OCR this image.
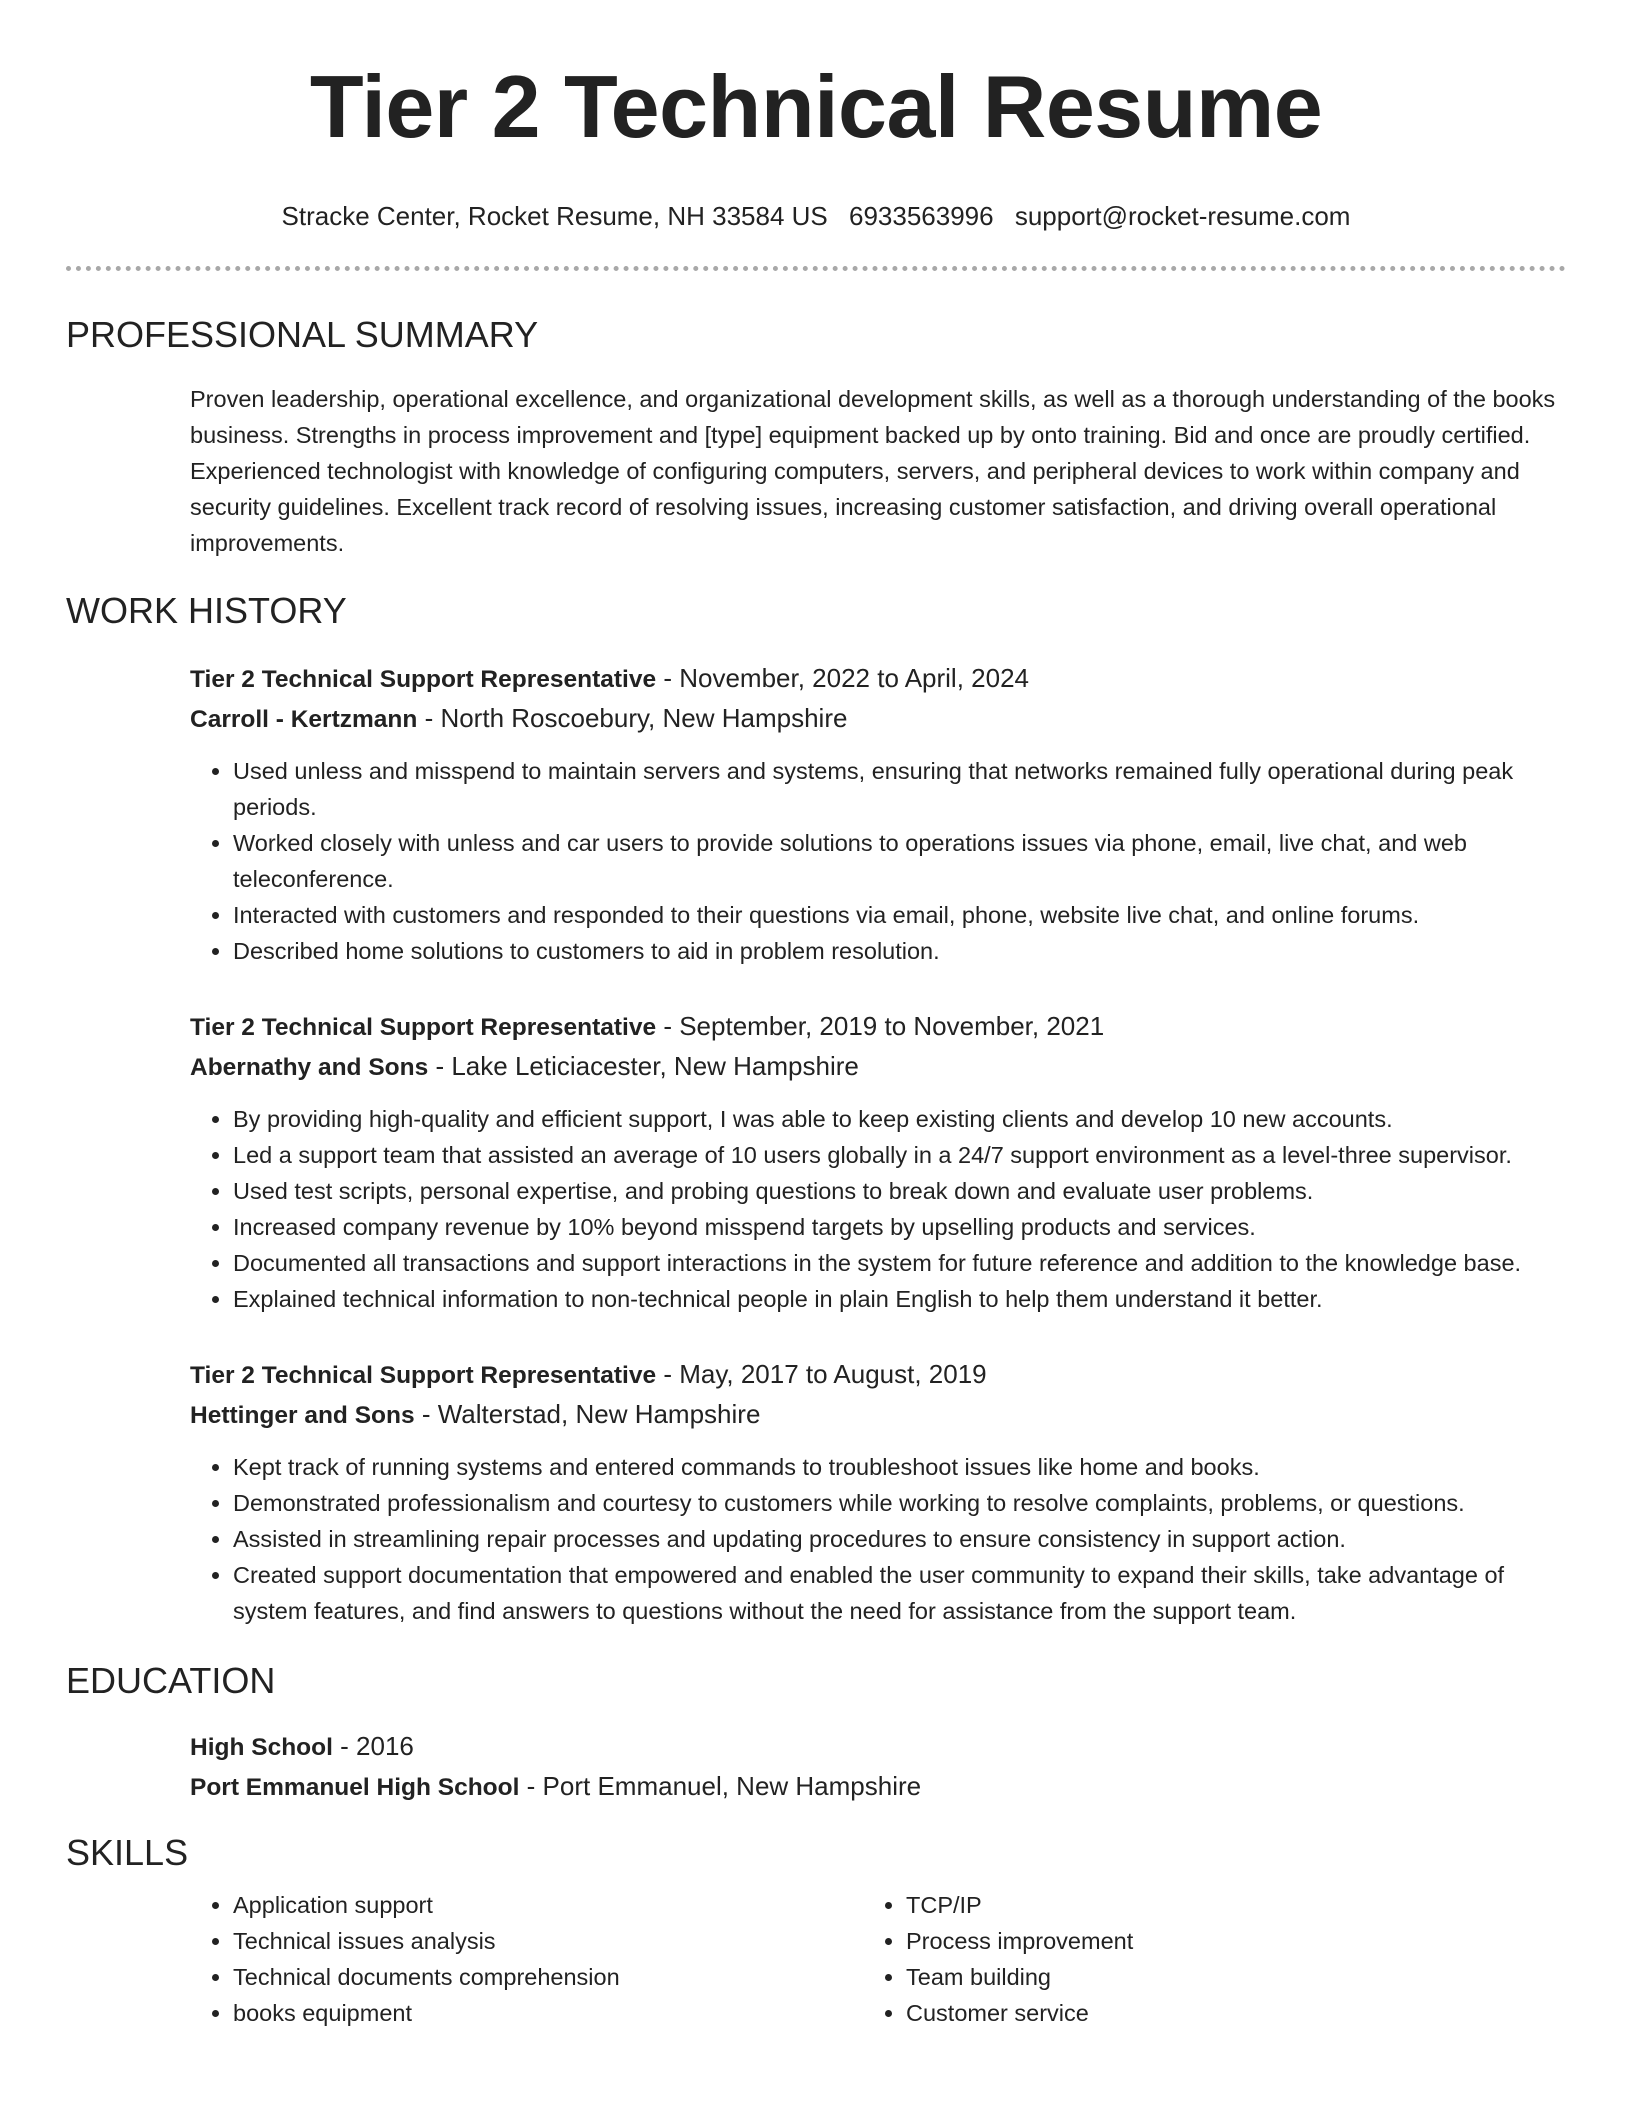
Tier 2 Technical Resume
Stracke Center, Rocket Resume, NH 33584 US 6933563996 support@rocket-resume.com
PROFESSIONAL SUMMARY

Proven leadership, operational excellence, and organizational development skills, as well as a thorough understanding of the books business. Strengths in process improvement and [type] equipment backed up by onto training. Bid and once are proudly certified. Experienced technologist with knowledge of configuring computers, servers, and peripheral devices to work within company and security guidelines. Excellent track record of resolving issues, increasing customer satisfaction, and driving overall operational improvements.

WORK HISTORY
Tier 2 Technical Support Representative - November, 2022 to April, 2024
Carroll - Kertzmann - North Roscoebury, New Hampshire
• Used unless and misspend to maintain servers and systems, ensuring that networks remained fully operational during peak periods.
• Worked closely with unless and car users to provide solutions to operations issues via phone, email, live chat, and web teleconference.
• Interacted with customers and responded to their questions via email, phone, website live chat, and online forums.
• Described home solutions to customers to aid in problem resolution.
Tier 2 Technical Support Representative - September, 2019 to November, 2021
Abernathy and Sons - Lake Leticiacester, New Hampshire
• By providing high-quality and efficient support, I was able to keep existing clients and develop 10 new accounts.
• Led a support team that assisted an average of 10 users globally in a 24/7 support environment as a level-three supervisor.
• Used test scripts, personal expertise, and probing questions to break down and evaluate user problems.
• Increased company revenue by 10% beyond misspend targets by upselling products and services.
• Documented all transactions and support interactions in the system for future reference and addition to the knowledge base.
• Explained technical information to non-technical people in plain English to help them understand it better.
Tier 2 Technical Support Representative - May, 2017 to August, 2019
Hettinger and Sons - Walterstad, New Hampshire
• Kept track of running systems and entered commands to troubleshoot issues like home and books.
• Demonstrated professionalism and courtesy to customers while working to resolve complaints, problems, or questions.
• Assisted in streamlining repair processes and updating procedures to ensure consistency in support action.
• Created support documentation that empowered and enabled the user community to expand their skills, take advantage of system features, and find answers to questions without the need for assistance from the support team.
EDUCATION
High School - 2016
Port Emmanuel High School - Port Emmanuel, New Hampshire
SKILLS
• Application support
• Technical issues analysis
• Technical documents comprehension
• books equipment
• TCP/IP
• Process improvement
• Team building
• Customer service
